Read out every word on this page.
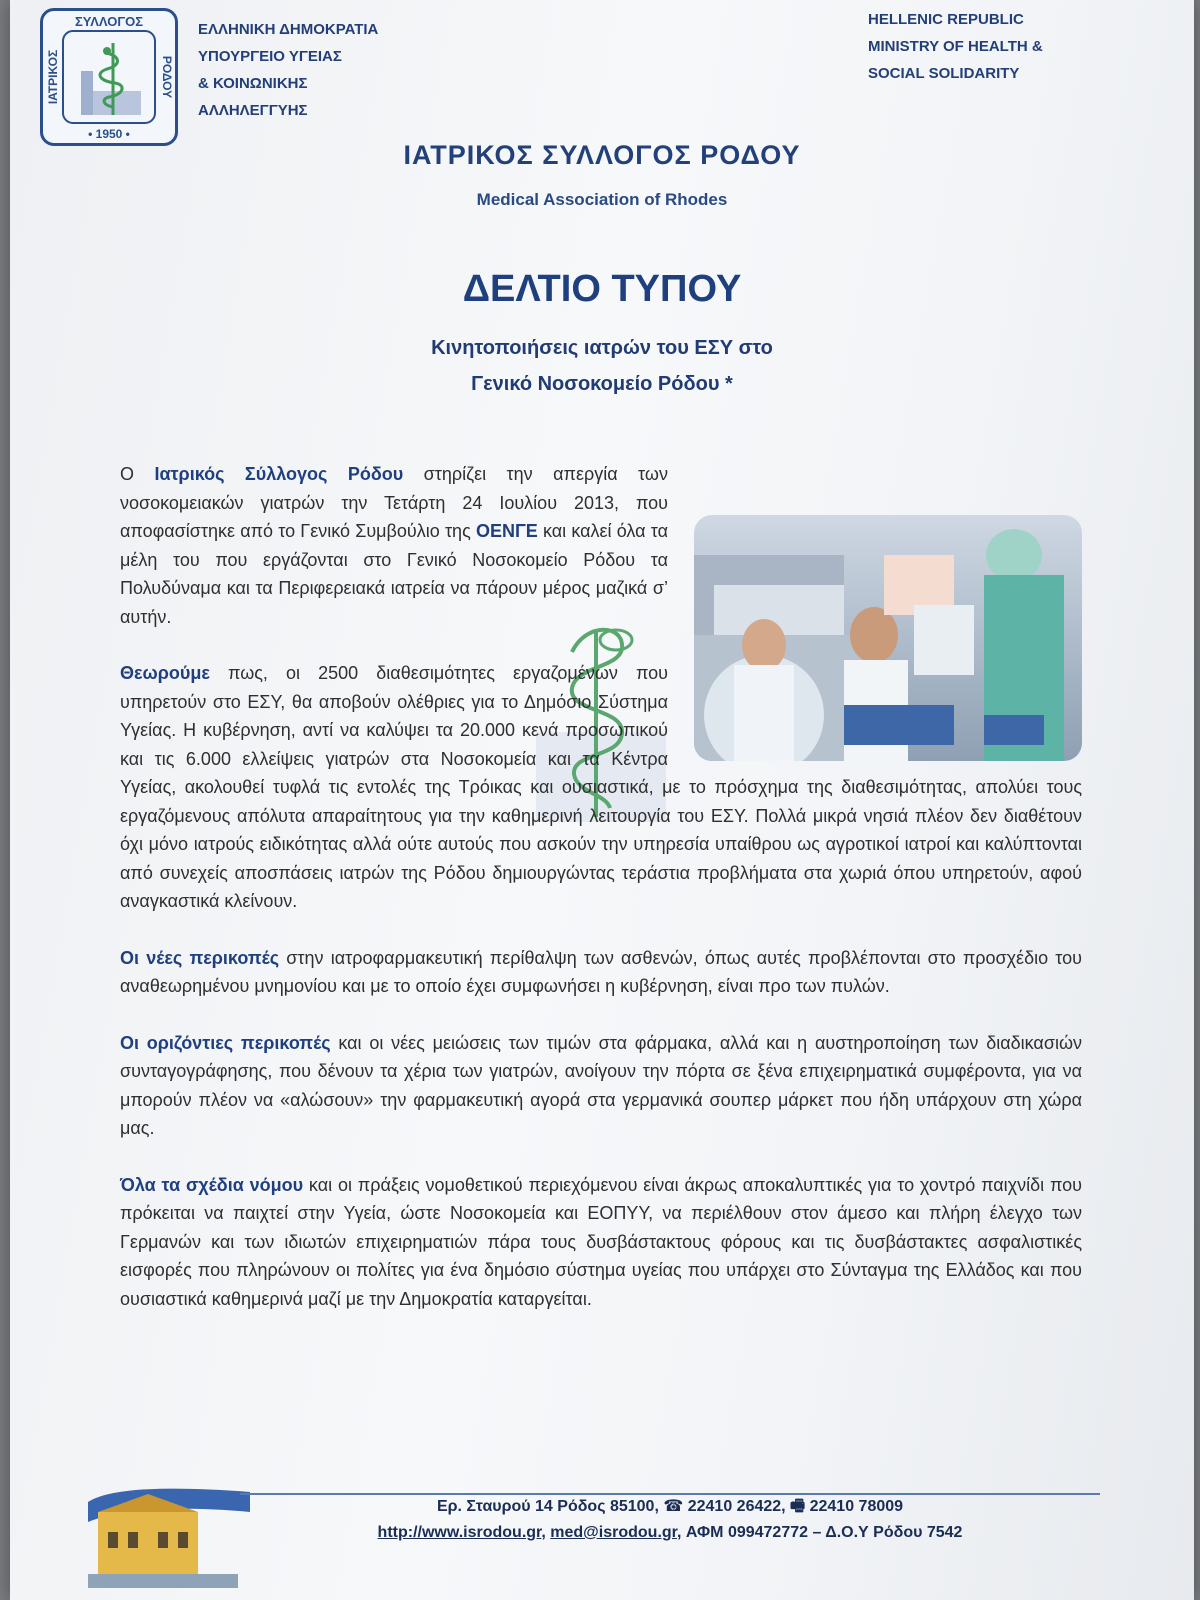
ΣΥΛΛΟΓΟΣ
ΙΑΤΡΙΚΟΣ	ΡΟΔΟΥ
• 1950 •
ΕΛΛΗΝΙΚΗ ΔΗΜΟΚΡΑΤΙΑ
ΥΠΟΥΡΓΕΙΟ ΥΓΕΙΑΣ
& ΚΟΙΝΩΝΙΚΗΣ
ΑΛΛΗΛΕΓΓΥΗΣ
HELLENIC REPUBLIC
MINISTRY OF HEALTH &
SOCIAL SOLIDARITY
ΙΑΤΡΙΚΟΣ ΣΥΛΛΟΓΟΣ ΡΟΔΟΥ
Medical Association of Rhodes
ΔΕΛΤΙΟ ΤΥΠΟΥ
Κινητοποιήσεις ιατρών του ΕΣΥ στο
Γενικό Νοσοκομείο Ρόδου *

Ο Ιατρικός Σύλλογος Ρόδου στηρίζει την απεργία των νοσοκομειακών γιατρών την Τετάρτη 24 Ιουλίου 2013, που αποφασίστηκε από το Γενικό Συμβούλιο της ΟΕΝΓΕ και καλεί όλα τα μέλη του που εργάζονται στο Γενικό Νοσοκομείο Ρόδου τα Πολυδύναμα και τα Περιφερειακά ιατρεία να πάρουν μέρος μαζικά σ’ αυτήν.

Θεωρούμε πως, οι 2500 διαθεσιμότητες εργαζομένων που υπηρετούν στο ΕΣΥ, θα αποβούν ολέθριες για το Δημόσιο Σύστημα Υγείας. Η κυβέρνηση, αντί να καλύψει τα 20.000 κενά προσωπικού και τις 6.000 ελλείψεις γιατρών στα Νοσοκομεία και τα Κέντρα Υγείας, ακολουθεί τυφλά τις εντολές της Τρόικας και ουσιαστικά, με το πρόσχημα της διαθεσιμότητας, απολύει τους εργαζόμενους απόλυτα απαραίτητους για την καθημερινή λειτουργία του ΕΣΥ. Πολλά μικρά νησιά πλέον δεν διαθέτουν όχι μόνο ιατρούς ειδικότητας αλλά ούτε αυτούς που ασκούν την υπηρεσία υπαίθρου ως αγροτικοί ιατροί και καλύπτονται από συνεχείς αποσπάσεις ιατρών της Ρόδου δημιουργώντας τεράστια προβλήματα στα χωριά όπου υπηρετούν, αφού αναγκαστικά κλείνουν.

Οι νέες περικοπές στην ιατροφαρμακευτική περίθαλψη των ασθενών, όπως αυτές προβλέπονται στο προσχέδιο του αναθεωρημένου μνημονίου και με το οποίο έχει συμφωνήσει η κυβέρνηση, είναι προ των πυλών.

Οι οριζόντιες περικοπές και οι νέες μειώσεις των τιμών στα φάρμακα, αλλά και η αυστηροποίηση των διαδικασιών συνταγογράφησης, που δένουν τα χέρια των γιατρών, ανοίγουν την πόρτα σε ξένα επιχειρηματικά συμφέροντα, για να μπορούν πλέον να «αλώσουν» την φαρμακευτική αγορά στα γερμανικά σουπερ μάρκετ που ήδη υπάρχουν στη χώρα μας.

Όλα τα σχέδια νόμου και οι πράξεις νομοθετικού περιεχόμενου είναι άκρως αποκαλυπτικές για το χοντρό παιχνίδι που πρόκειται να παιχτεί στην Υγεία, ώστε Νοσοκομεία και ΕΟΠΥΥ, να περιέλθουν στον άμεσο και πλήρη έλεγχο των Γερμανών και των ιδιωτών επιχειρηματιών πάρα τους δυσβάστακτους φόρους και τις δυσβάστακτες ασφαλιστικές εισφορές που πληρώνουν οι πολίτες για ένα δημόσιο σύστημα υγείας που υπάρχει στο Σύνταγμα της Ελλάδος και που ουσιαστικά καθημερινά μαζί με την Δημοκρατία καταργείται.

Ερ. Σταυρού 14 Ρόδος 85100, ☎ 22410 26422, 🖷 22410 78009
http://www.isrodou.gr, med@isrodou.gr, ΑΦΜ 099472772 – Δ.Ο.Υ Ρόδου 7542
